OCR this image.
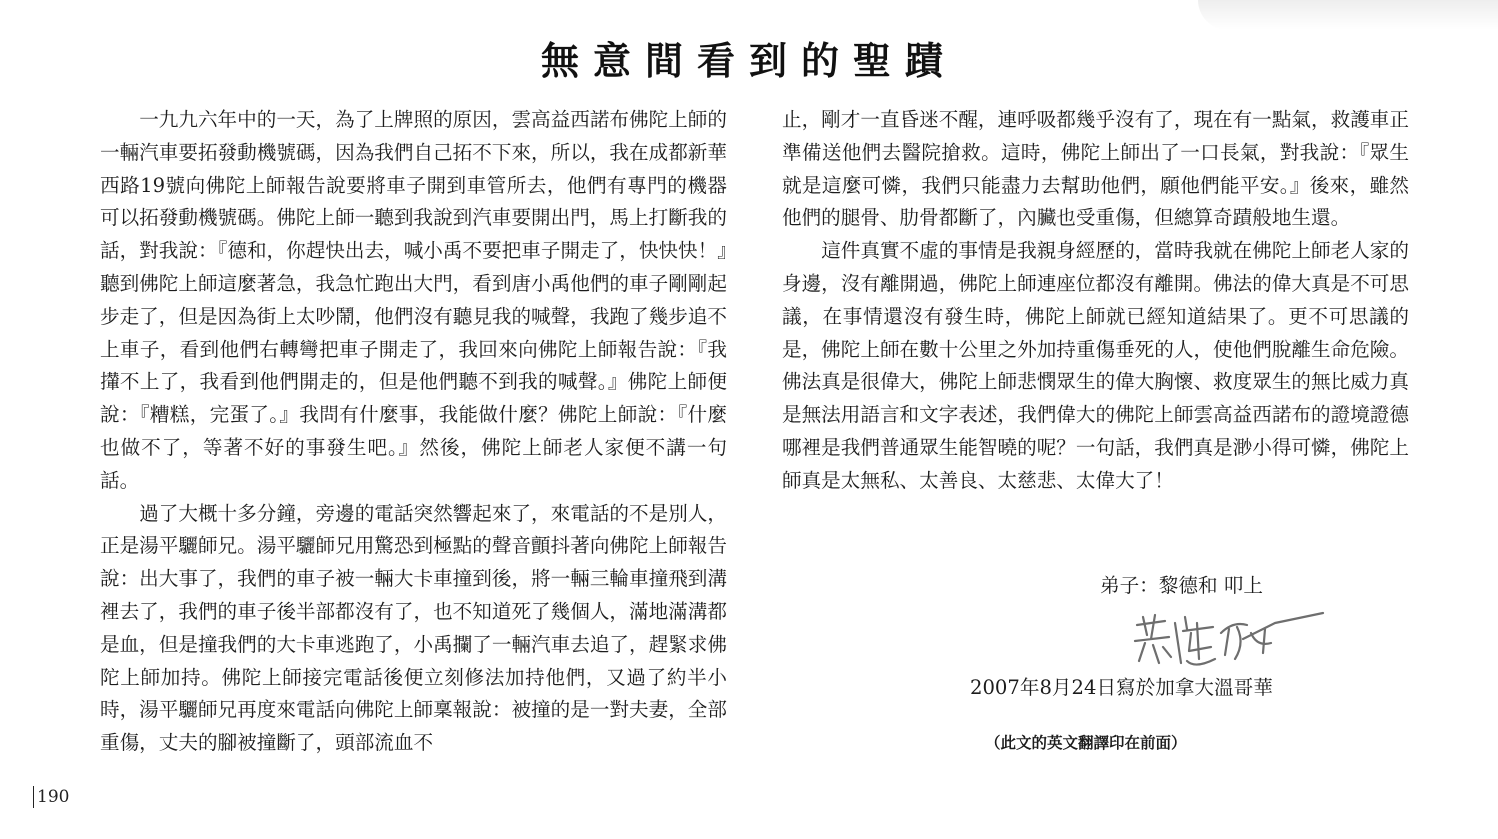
無意間看到的聖蹟

一九九六年中的一天，為了上牌照的原因，雲高益西諾布佛陀上師的一輛汽車要拓發動機號碼，因為我們自己拓不下來，所以，我在成都新華西路19號向佛陀上師報告說要將車子開到車管所去，他們有專門的機器可以拓發動機號碼。佛陀上師一聽到我說到汽車要開出門，馬上打斷我的話，對我說：『德和，你趕快出去，喊小禹不要把車子開走了，快快快！』聽到佛陀上師這麼著急，我急忙跑出大門，看到唐小禹他們的車子剛剛起步走了，但是因為街上太吵鬧，他們沒有聽見我的喊聲，我跑了幾步追不上車子，看到他們右轉彎把車子開走了，我回來向佛陀上師報告說：『我攆不上了，我看到他們開走的，但是他們聽不到我的喊聲。』佛陀上師便說：『糟糕，完蛋了。』我問有什麼事，我能做什麼？佛陀上師說：『什麼也做不了，等著不好的事發生吧。』然後，佛陀上師老人家便不講一句話。

過了大概十多分鐘，旁邊的電話突然響起來了，來電話的不是別人，正是湯平驪師兄。湯平驪師兄用驚恐到極點的聲音顫抖著向佛陀上師報告說：出大事了，我們的車子被一輛大卡車撞到後，將一輛三輪車撞飛到溝裡去了，我們的車子後半部都沒有了，也不知道死了幾個人，滿地滿溝都是血，但是撞我們的大卡車逃跑了，小禹攔了一輛汽車去追了，趕緊求佛陀上師加持。佛陀上師接完電話後便立刻修法加持他們，又過了約半小時，湯平驪師兄再度來電話向佛陀上師稟報說：被撞的是一對夫妻，全部重傷，丈夫的腳被撞斷了，頭部流血不

止，剛才一直昏迷不醒，連呼吸都幾乎沒有了，現在有一點氣，救護車正準備送他們去醫院搶救。這時，佛陀上師出了一口長氣，對我說：『眾生就是這麼可憐，我們只能盡力去幫助他們，願他們能平安。』後來，雖然他們的腿骨、肋骨都斷了，內臟也受重傷，但總算奇蹟般地生還。

這件真實不虛的事情是我親身經歷的，當時我就在佛陀上師老人家的身邊，沒有離開過，佛陀上師連座位都沒有離開。佛法的偉大真是不可思議，在事情還沒有發生時，佛陀上師就已經知道結果了。更不可思議的是，佛陀上師在數十公里之外加持重傷垂死的人，使他們脫離生命危險。佛法真是很偉大，佛陀上師悲憫眾生的偉大胸懷、救度眾生的無比威力真是無法用語言和文字表述，我們偉大的佛陀上師雲高益西諾布的證境證德哪裡是我們普通眾生能智曉的呢？一句話，我們真是渺小得可憐，佛陀上師真是太無私、太善良、太慈悲、太偉大了！

弟子：黎德和 叩上
2007年8月24日寫於加拿大溫哥華
（此文的英文翻譯印在前面）
190
